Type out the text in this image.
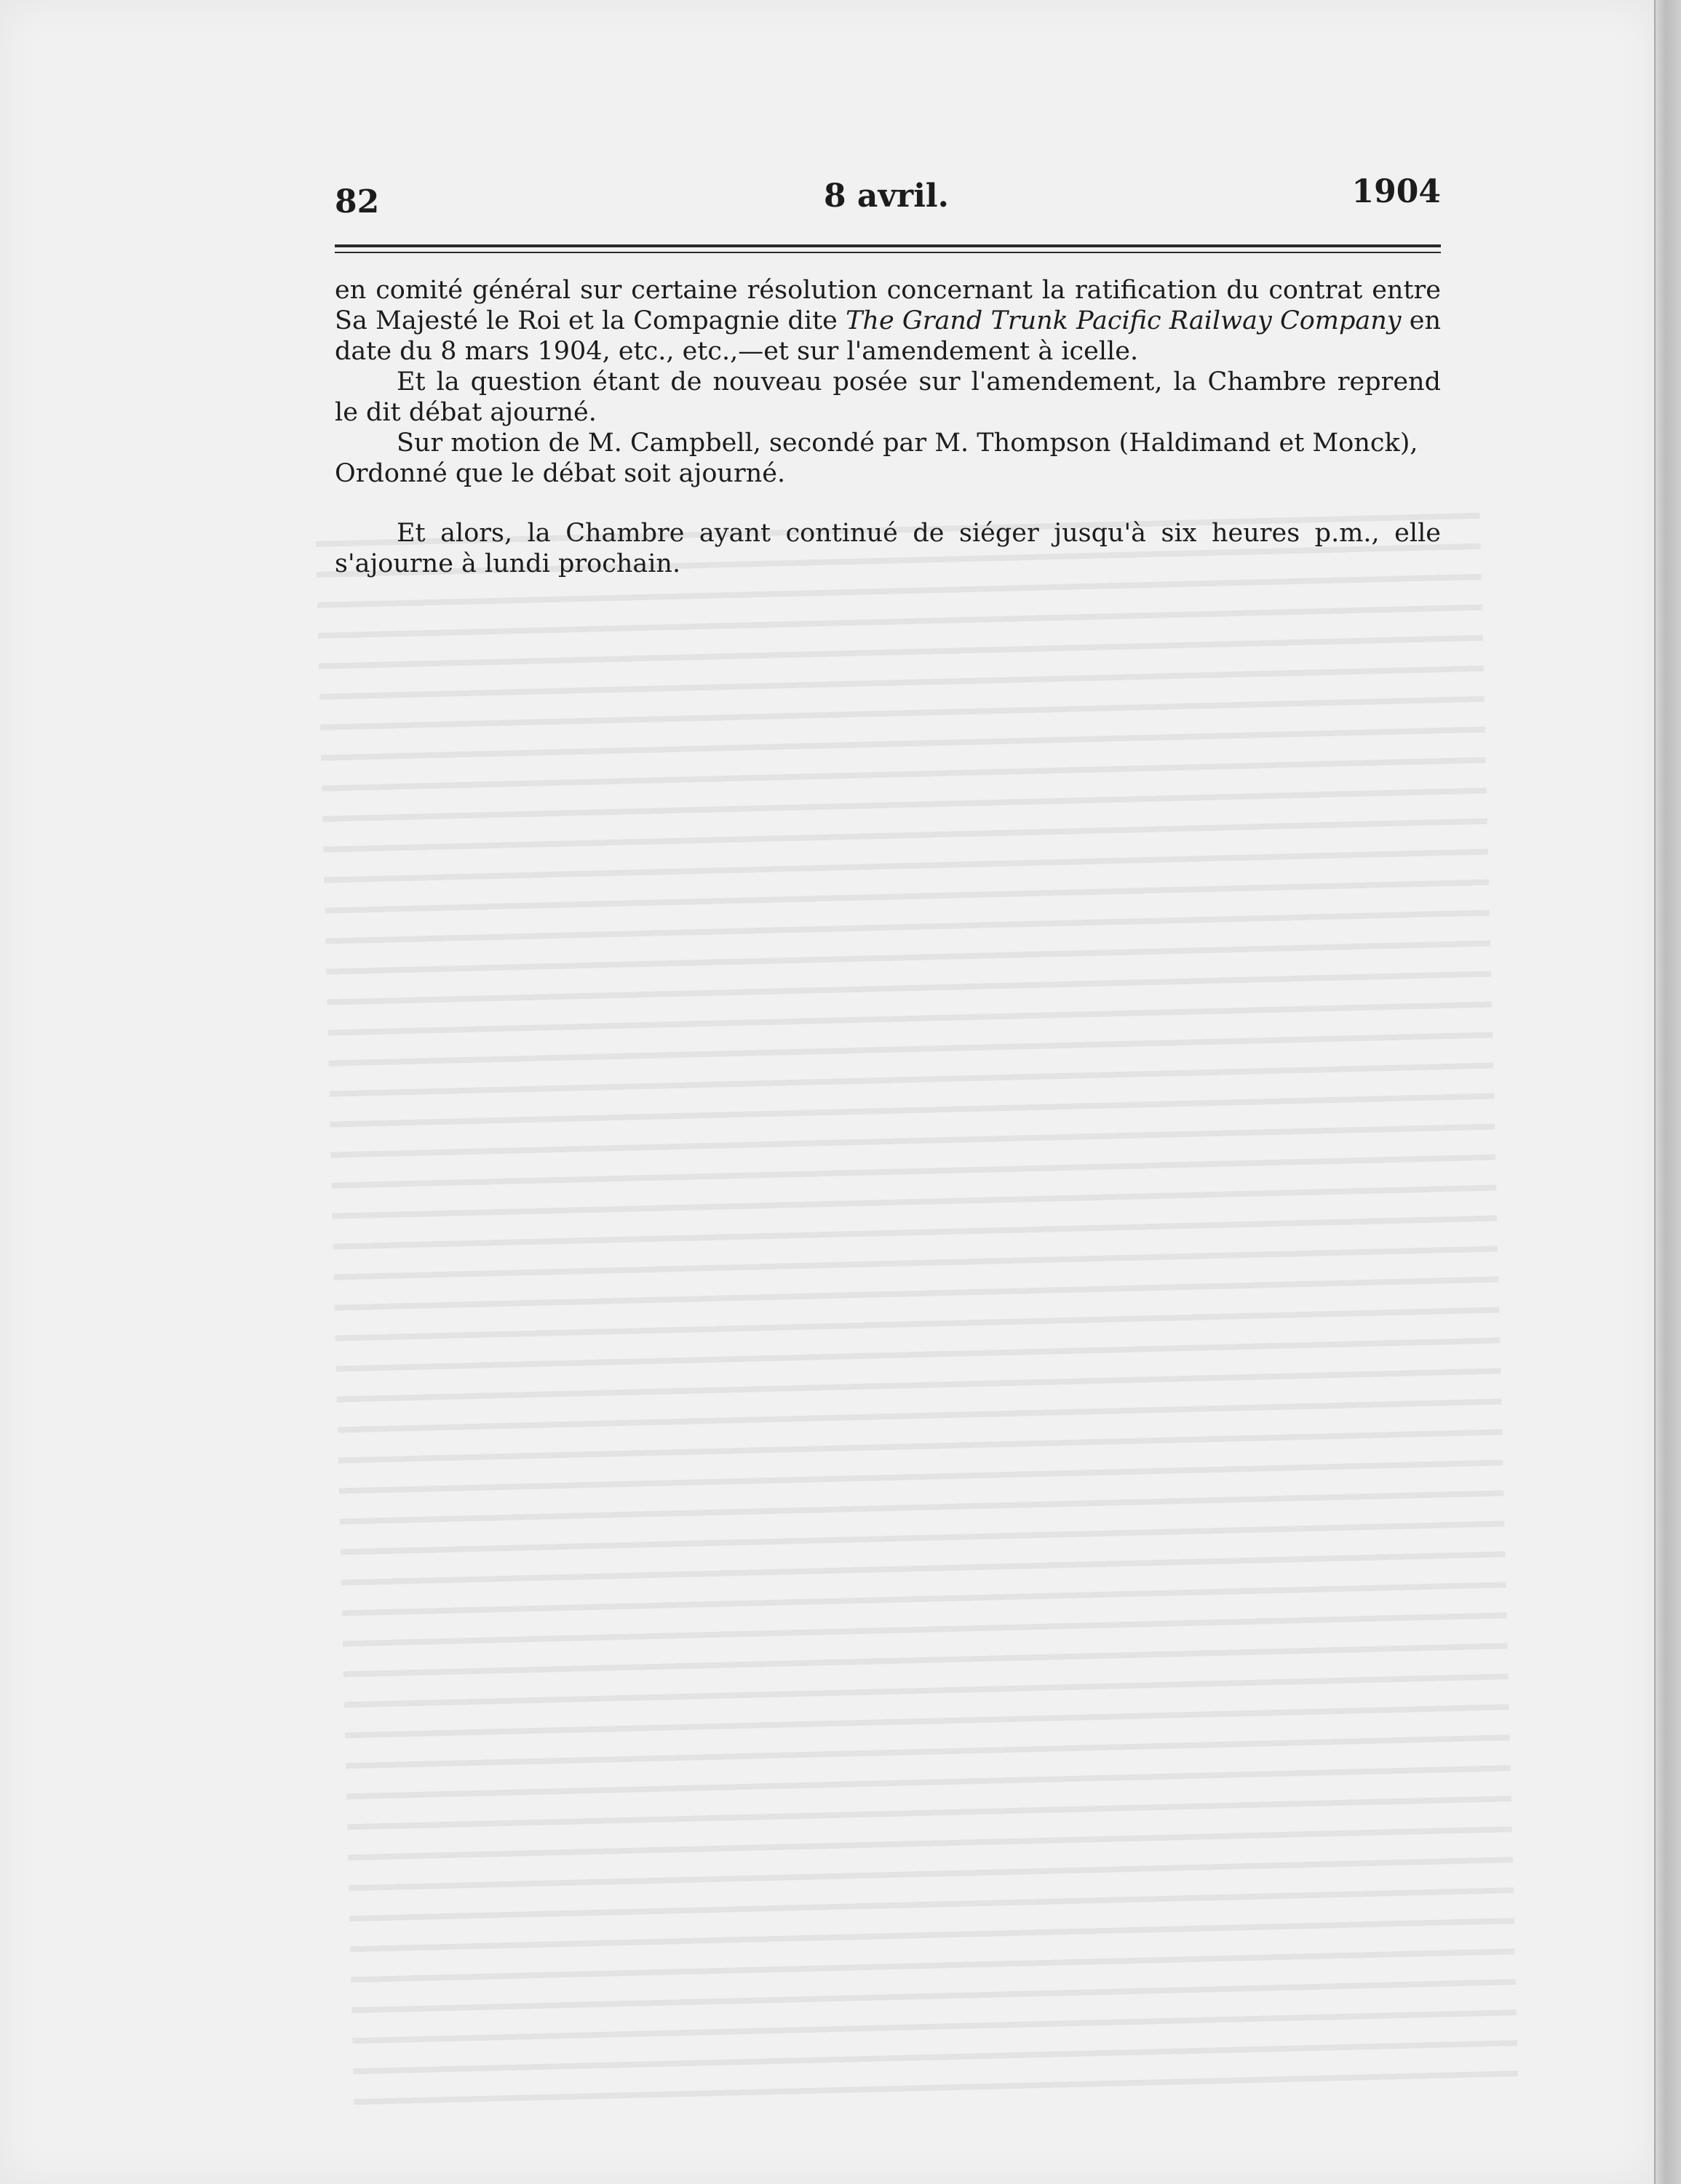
82	8 avril.	1904

en comité général sur certaine résolution concernant la ratification du contrat entre Sa Majesté le Roi et la Compagnie dite The Grand Trunk Pacific Railway Company en date du 8 mars 1904, etc., etc.,—et sur l'amendement à icelle.

Et la question étant de nouveau posée sur l'amendement, la Chambre reprend le dit débat ajourné.

Sur motion de M. Campbell, secondé par M. Thompson (Haldimand et Monck),

Ordonné que le débat soit ajourné.

Et alors, la Chambre ayant continué de siéger jusqu'à six heures p.m., elle s'ajourne à lundi prochain.
